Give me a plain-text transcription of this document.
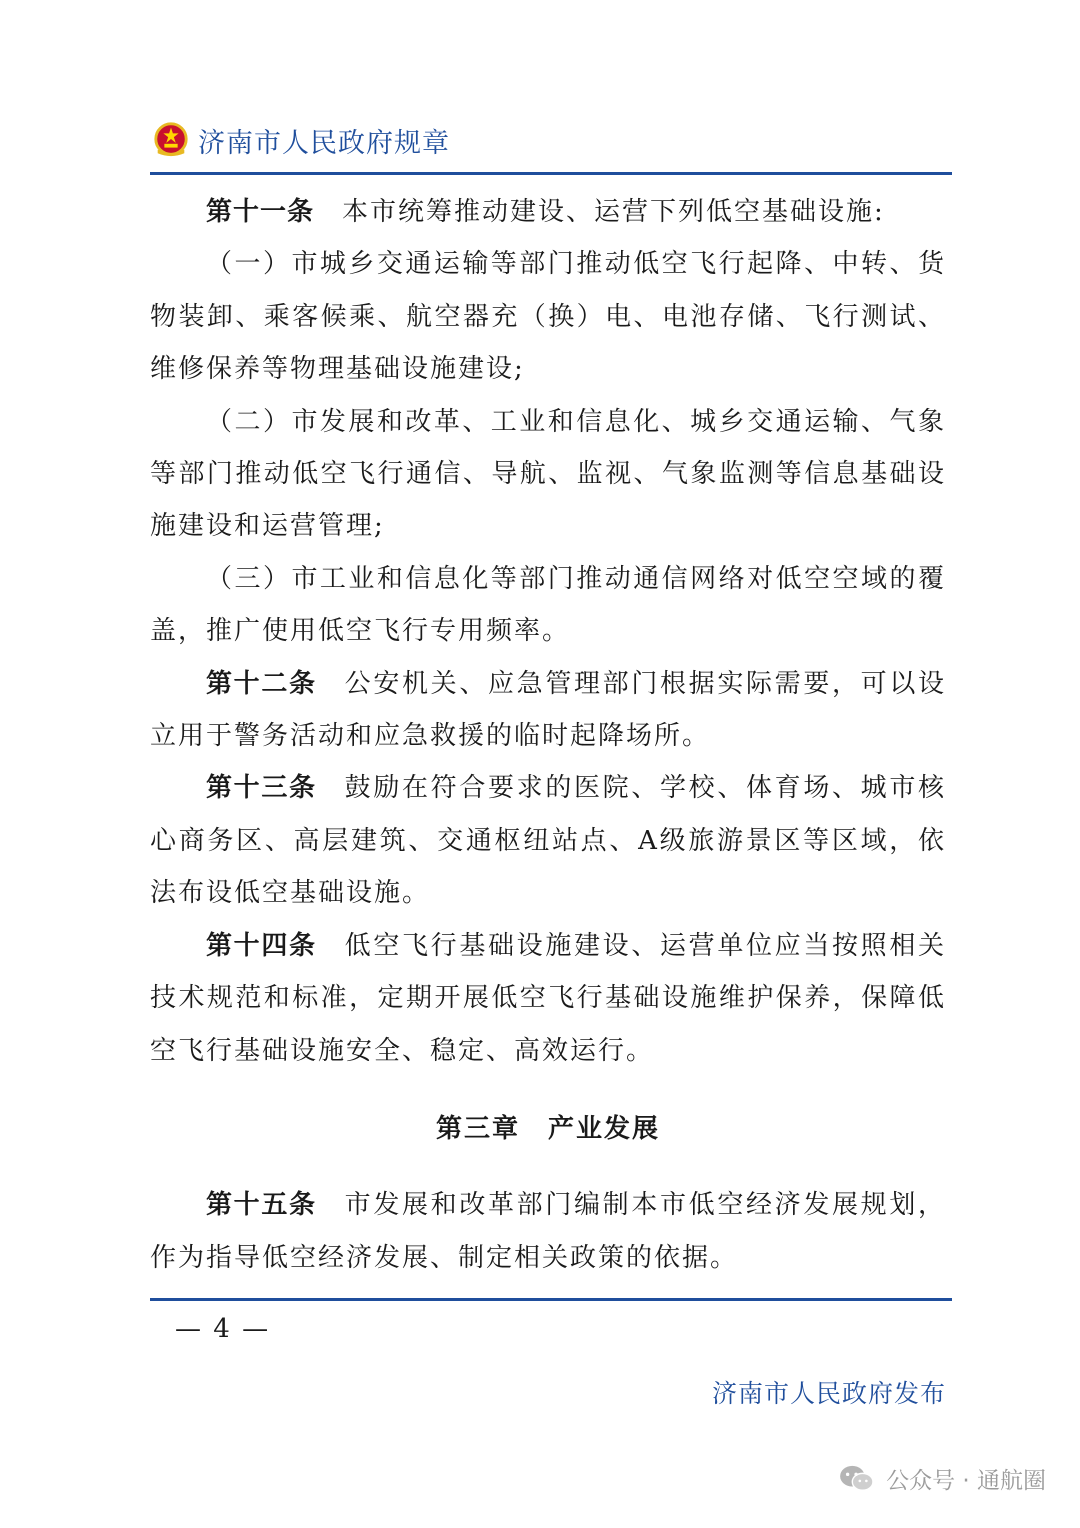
济南市人民政府规章

第十一条 本市统筹推动建设、运营下列低空基础设施:

（一）市城乡交通运输等部门推动低空飞行起降、中转、货物装卸、乘客候乘、航空器充（换）电、电池存储、飞行测试、维修保养等物理基础设施建设;

（二）市发展和改革、工业和信息化、城乡交通运输、气象等部门推动低空飞行通信、导航、监视、气象监测等信息基础设施建设和运营管理;

（三）市工业和信息化等部门推动通信网络对低空空域的覆盖，推广使用低空飞行专用频率。

第十二条 公安机关、应急管理部门根据实际需要，可以设立用于警务活动和应急救援的临时起降场所。

第十三条 鼓励在符合要求的医院、学校、体育场、城市核心商务区、高层建筑、交通枢纽站点、A级旅游景区等区域，依法布设低空基础设施。

第十四条 低空飞行基础设施建设、运营单位应当按照相关技术规范和标准，定期开展低空飞行基础设施维护保养，保障低空飞行基础设施安全、稳定、高效运行。

第三章 产业发展

第十五条 市发展和改革部门编制本市低空经济发展规划，作为指导低空经济发展、制定相关政策的依据。

— 4 —
济南市人民政府发布
公众号 · 通航圈
